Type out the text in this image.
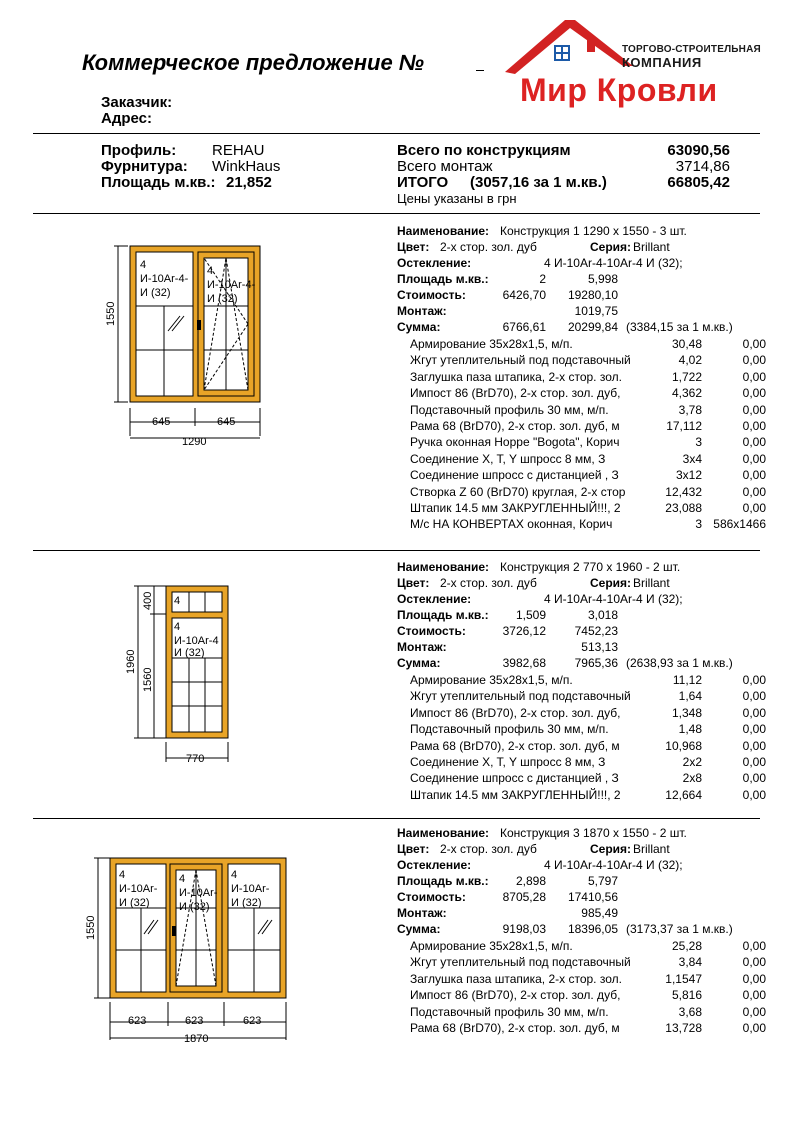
Коммерческое предложение №
ТОРГОВО-СТРОИТЕЛЬНАЯ
КОМПАНИЯ
Мир Кровли
Заказчик:
Адрес:
Профиль: REHAU
Фурнитура: WinkHaus
Площадь м.кв.: 21,852
Всего по конструкциям	63090,56
Всего монтаж	3714,86
ИТОГО (3057,16 за 1 м.кв.)	66805,42
Цены указаны в грн
Наименование: Конструкция 1 1290 х 1550 - 3 шт.
Цвет: 2-х стор. зол. дуб	Серия: Brillant
Остекление:	4 И-10Ar-4-10Ar-4 И (32);
Площадь м.кв.:	2	5,998
Стоимость:	6426,70	19280,10
Монтаж:	1019,75
Сумма:	6766,61	20299,84 (3384,15 за 1 м.кв.)
Армирование 35х28х1,5, м/п.	30,48	0,00
Жгут утеплительный под подставочный	4,02	0,00
Заглушка паза штапика, 2-х стор. зол.	1,722	0,00
Импост 86 (BrD70), 2-х стор. зол. дуб,	4,362	0,00
Подставочный профиль 30 мм, м/п.	3,78	0,00
Рама 68 (BrD70), 2-х стор. зол. дуб, м	17,112	0,00
Ручка оконная Hoppe "Bogota", Корич	3	0,00
Соединение X, T, Y шпросс 8 мм, З	3x4	0,00
Соединение шпросс с дистанцией , З	3x12	0,00
Створка Z 60 (BrD70) круглая, 2-х стор	12,432	0,00
Штапик 14.5 мм ЗАКРУГЛЕННЫЙ!!!, 2	23,088	0,00
М/с НА КОНВЕРТАХ оконная, Корич	3 586x1466
Наименование: Конструкция 2 770 х 1960 - 2 шт.
Цвет: 2-х стор. зол. дуб	Серия: Brillant
Остекление:	4 И-10Ar-4-10Ar-4 И (32);
Площадь м.кв.:	1,509	3,018
Стоимость:	3726,12	7452,23
Монтаж:	513,13
Сумма:	3982,68	7965,36 (2638,93 за 1 м.кв.)
Армирование 35х28х1,5, м/п.	11,12	0,00
Жгут утеплительный под подставочный	1,64	0,00
Импост 86 (BrD70), 2-х стор. зол. дуб,	1,348	0,00
Подставочный профиль 30 мм, м/п.	1,48	0,00
Рама 68 (BrD70), 2-х стор. зол. дуб, м	10,968	0,00
Соединение X, T, Y шпросс 8 мм, З	2x2	0,00
Соединение шпросс с дистанцией , З	2x8	0,00
Штапик 14.5 мм ЗАКРУГЛЕННЫЙ!!!, 2	12,664	0,00
Наименование: Конструкция 3 1870 х 1550 - 2 шт.
Цвет: 2-х стор. зол. дуб	Серия: Brillant
Остекление:	4 И-10Ar-4-10Ar-4 И (32);
Площадь м.кв.:	2,898	5,797
Стоимость:	8705,28	17410,56
Монтаж:	985,49
Сумма:	9198,03	18396,05 (3173,37 за 1 м.кв.)
Армирование 35х28х1,5, м/п.	25,28	0,00
Жгут утеплительный под подставочный	3,84	0,00
Заглушка паза штапика, 2-х стор. зол.	1,1547	0,00
Импост 86 (BrD70), 2-х стор. зол. дуб,	5,816	0,00
Подставочный профиль 30 мм, м/п.	3,68	0,00
Рама 68 (BrD70), 2-х стор. зол. дуб, м	13,728	0,00
4
И-10Ar-4-
И (32)
4
И-10Ar-4-
И (32)
1550
645	645
1290
4
4
И-10Ar-4
И (32)
1960
400
1560
770
4
И-10Ar-
И (32)
4
И-10Ar-
И (32)
4
И-10Ar-
И (32)
1550
623	623	623
1870
